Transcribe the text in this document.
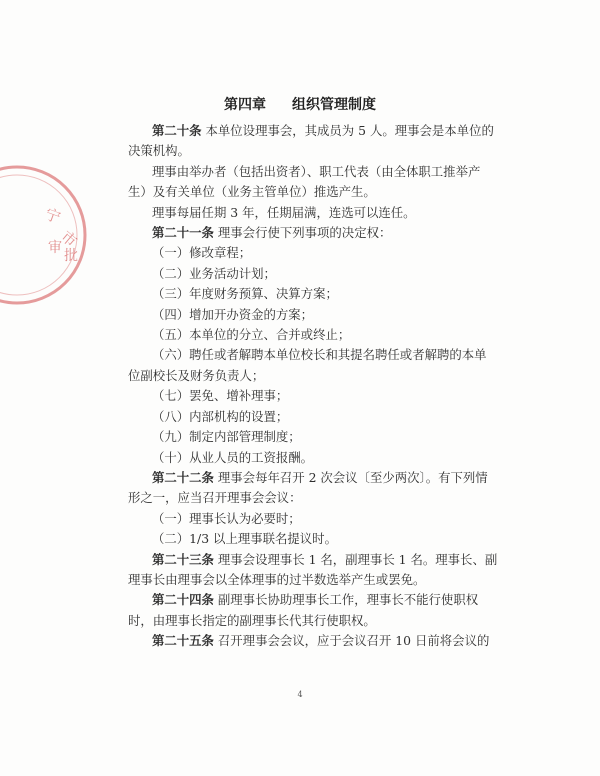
宁
市
审 批
第四章 组织管理制度

第二十条 本单位设理事会，其成员为 5 人。理事会是本单位的决策机构。

理事由举办者（包括出资者）、职工代表（由全体职工推举产生）及有关单位（业务主管单位）推选产生。

理事每届任期 3 年，任期届满，连选可以连任。

第二十一条 理事会行使下列事项的决定权：

（一）修改章程；

（二）业务活动计划；

（三）年度财务预算、决算方案；

（四）增加开办资金的方案；

（五）本单位的分立、合并或终止；

（六）聘任或者解聘本单位校长和其提名聘任或者解聘的本单位副校长及财务负责人；

（七）罢免、增补理事；

（八）内部机构的设置；

（九）制定内部管理制度；

（十）从业人员的工资报酬。

第二十二条 理事会每年召开 2 次会议〔至少两次〕。有下列情形之一，应当召开理事会会议：

（一）理事长认为必要时；

（二）1/3 以上理事联名提议时。

第二十三条 理事会设理事长 1 名，副理事长 1 名。理事长、副理事长由理事会以全体理事的过半数选举产生或罢免。

第二十四条 副理事长协助理事长工作，理事长不能行使职权时，由理事长指定的副理事长代其行使职权。

第二十五条 召开理事会会议，应于会议召开 10 日前将会议的

4
